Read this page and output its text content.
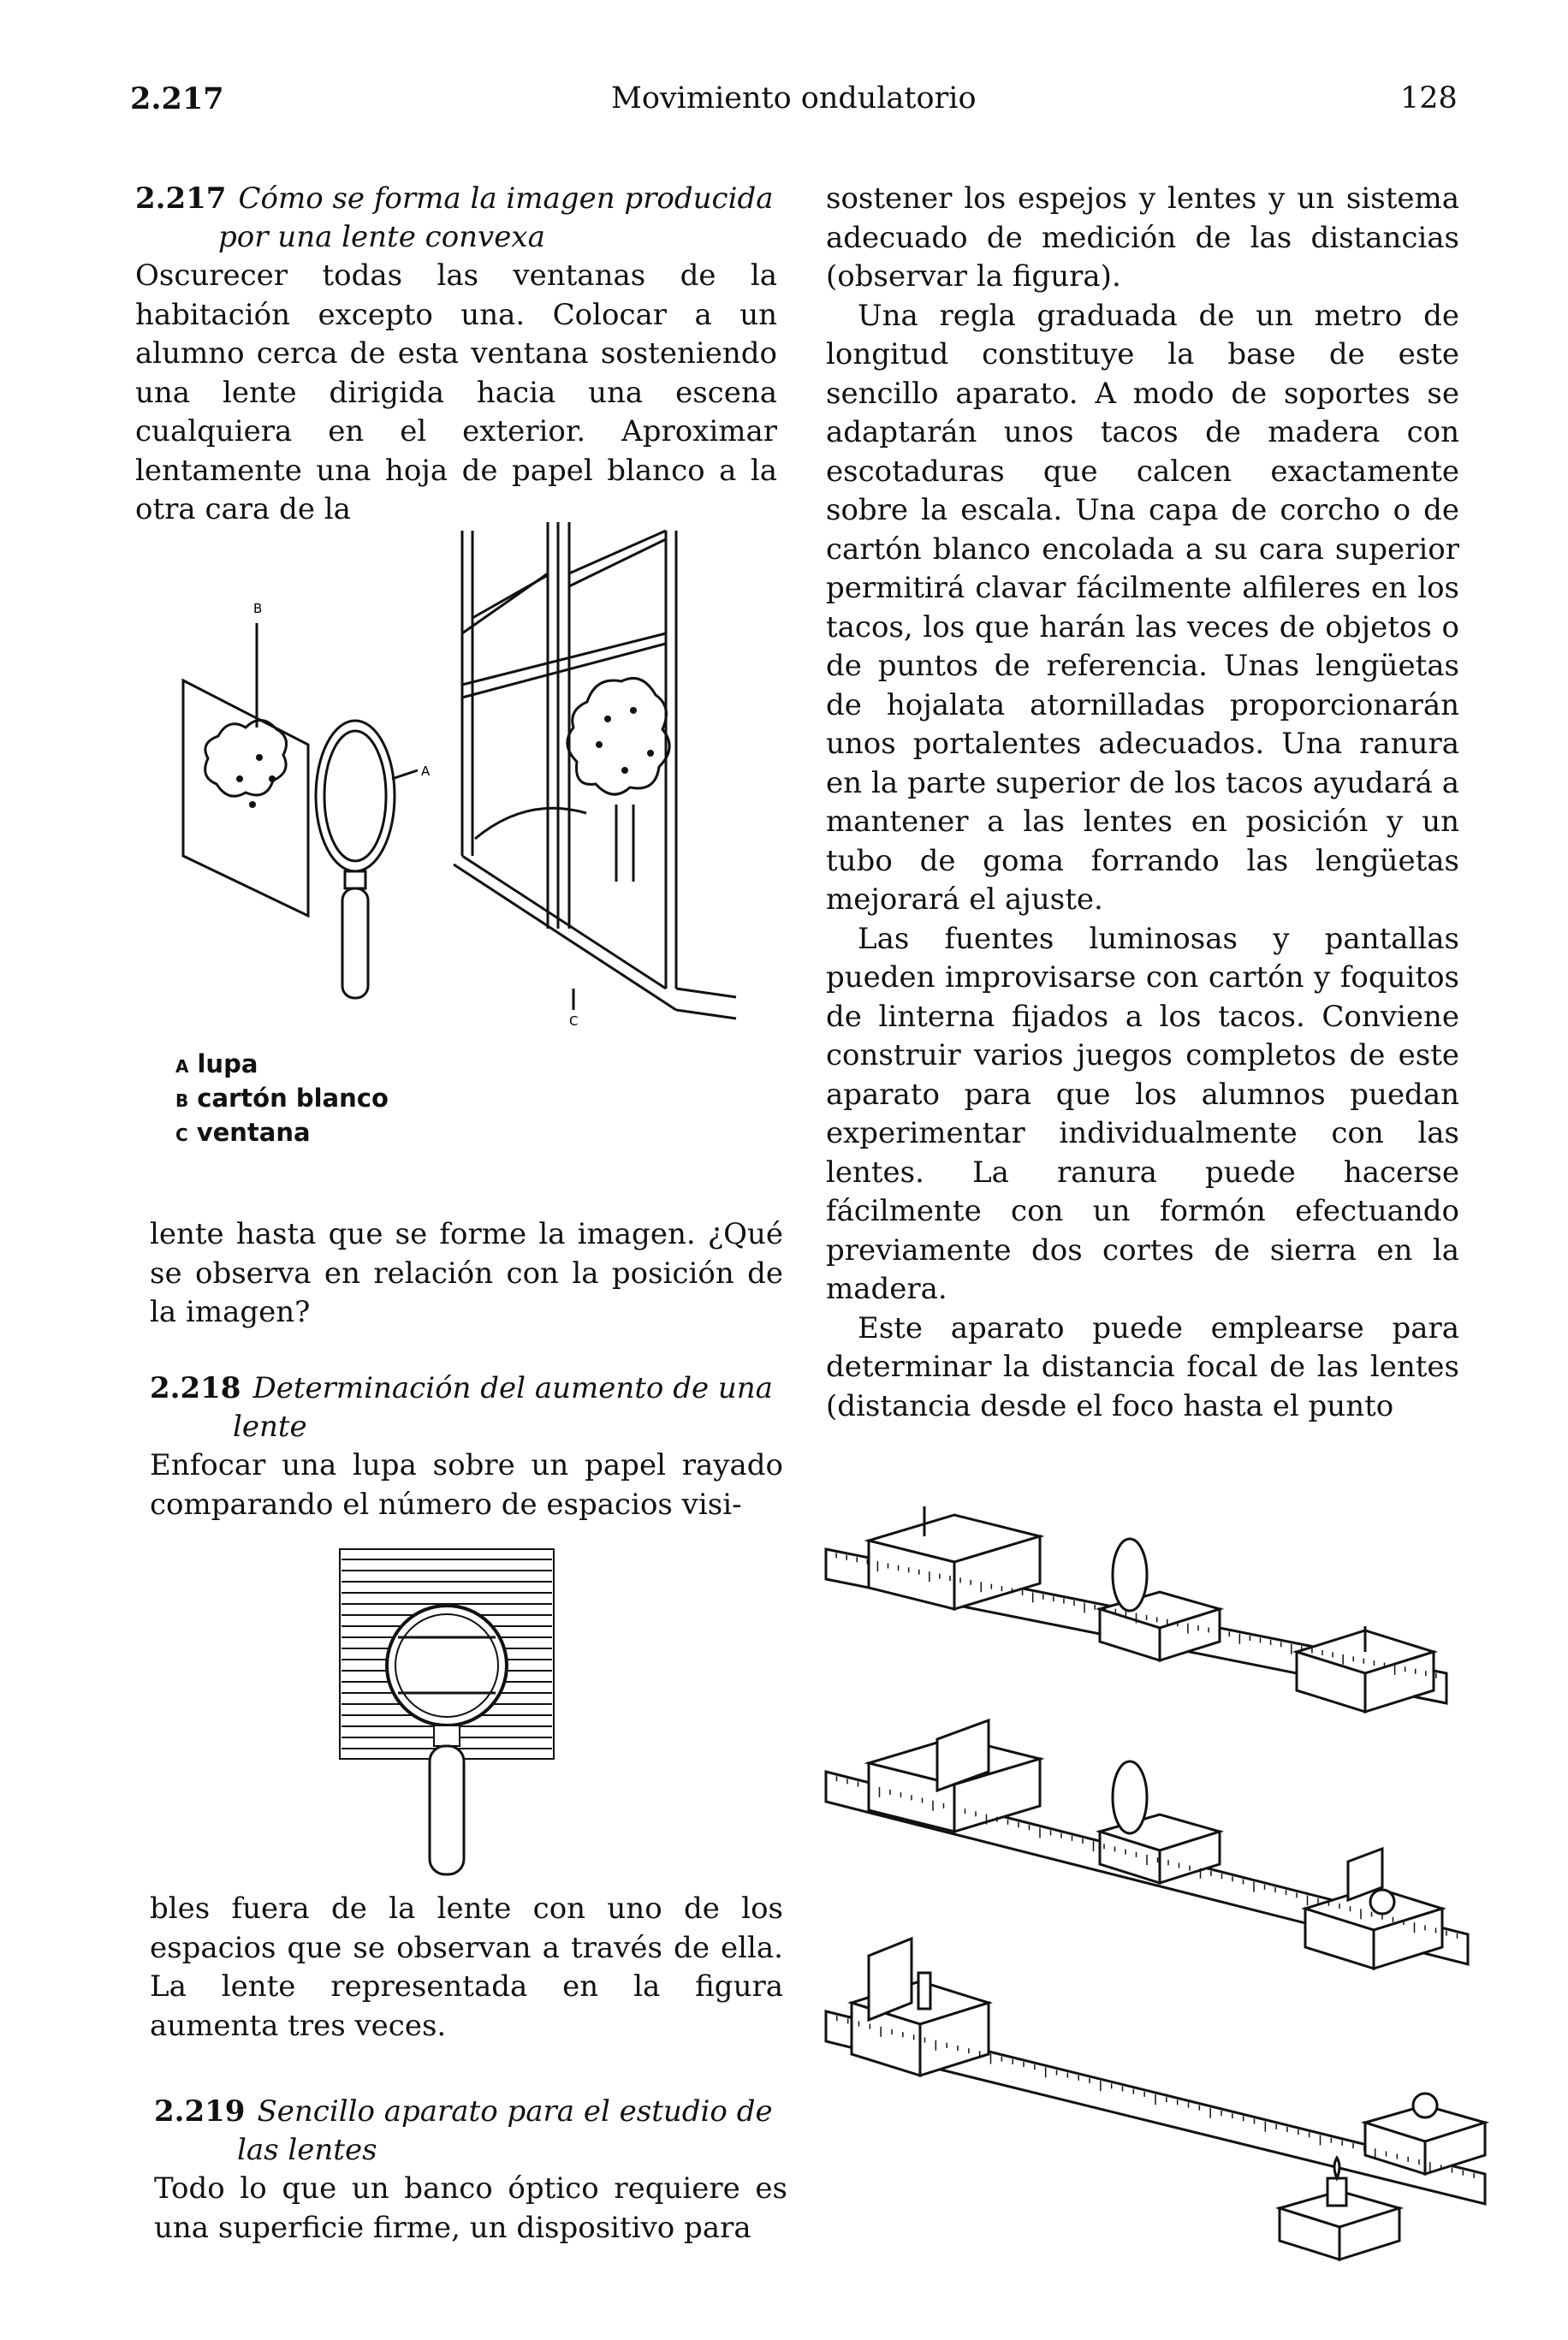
2.217	Movimiento ondulatorio	128
2.217 Cómo se forma la imagen producida
por una lente convexa

Oscurecer todas las ventanas de la habitación excepto una. Colocar a un alumno cerca de esta ventana sosteniendo una lente dirigida hacia una escena cualquiera en el exterior. Aproximar lentamente una hoja de papel blanco a la otra cara de la

B
A
C
A lupa
B cartón blanco
C ventana

lente hasta que se forme la imagen. ¿Qué se observa en relación con la posición de la imagen?

2.218 Determinación del aumento de una
lente

Enfocar una lupa sobre un papel rayado comparando el número de espacios visi-

bles fuera de la lente con uno de los espacios que se observan a través de ella. La lente representada en la figura aumenta tres veces.

2.219 Sencillo aparato para el estudio de
las lentes

Todo lo que un banco óptico requiere es una superficie firme, un dispositivo para

sostener los espejos y lentes y un sistema adecuado de medición de las distancias (observar la figura).

Una regla graduada de un metro de longitud constituye la base de este sencillo aparato. A modo de soportes se adaptarán unos tacos de madera con escotaduras que calcen exactamente sobre la escala. Una capa de corcho o de cartón blanco encolada a su cara superior permitirá clavar fácilmente alfileres en los tacos, los que harán las veces de objetos o de puntos de referencia. Unas lengüetas de hojalata atornilladas proporcionarán unos portalentes adecuados. Una ranura en la parte superior de los tacos ayudará a mantener a las lentes en posición y un tubo de goma forrando las lengüetas mejorará el ajuste.

Las fuentes luminosas y pantallas pueden improvisarse con cartón y foquitos de linterna fijados a los tacos. Conviene construir varios juegos completos de este aparato para que los alumnos puedan experimentar individualmente con las lentes. La ranura puede hacerse fácilmente con un formón efectuando previamente dos cortes de sierra en la madera.

Este aparato puede emplearse para determinar la distancia focal de las lentes (distancia desde el foco hasta el punto
